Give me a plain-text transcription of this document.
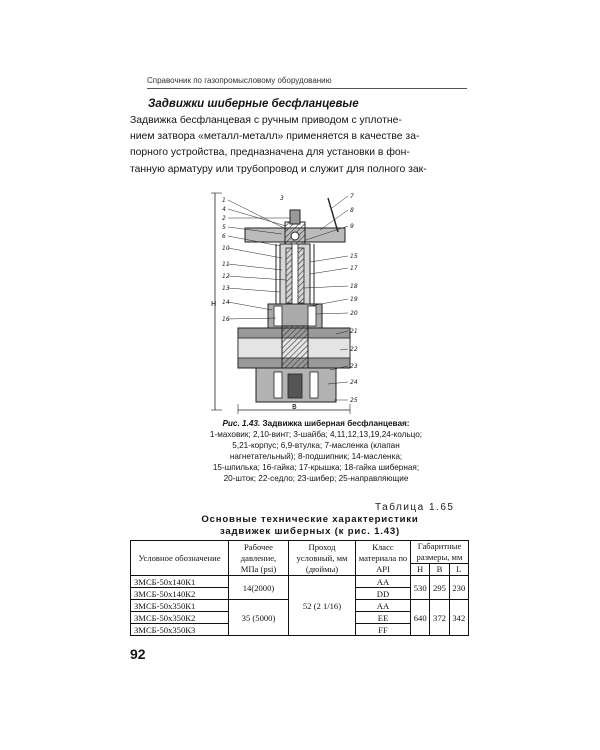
Справочник по газопромысловому оборудованию
Задвижки шиберные бесфланцевые
Задвижка бесфланцевая с ручным приводом с уплотне-
нием затвора «металл-металл» применяется в качестве за-
порного устройства, предназначена для установки в фон-
танную арматуру или трубопровод и служит для полного зак-
H
B
1
4
2
5
6
10
11
12
13
14
16
3	7
8
9
15
17
18
19
20
21
22
23
24
25
Рис. 1.43. Задвижка шиберная бесфланцевая:
1-маховик; 2,10-винт; 3-шайба; 4,11,12,13,19,24-кольцо;
5,21-корпус; 6,9-втулка; 7-масленка (клапан
нагнетательный); 8-подшипник; 14-масленка;
15-шпилька; 16-гайка; 17-крышка; 18-гайка шиберная;
20-шток; 22-седло; 23-шибер; 25-направляющие
Таблица 1.65
Основные технические характеристики
задвижек шиберных (к рис. 1.43)
Условное обозначение	Рабочее давление, МПа (psi)	Проход условный, мм (дюймы)	Класс материала по API	Габаритные размеры, мм		
				H	B	L
ЗМСБ-50х140К1	14(2000)	52 (2 1/16)	АА	530	295	230
ЗМСБ-50х140К2			DD			
ЗМСБ-50х350К1	35 (5000)		АА	640	372	342
ЗМСБ-50х350К2			ЕЕ			
ЗМСБ-50х350К3			FF			
92
